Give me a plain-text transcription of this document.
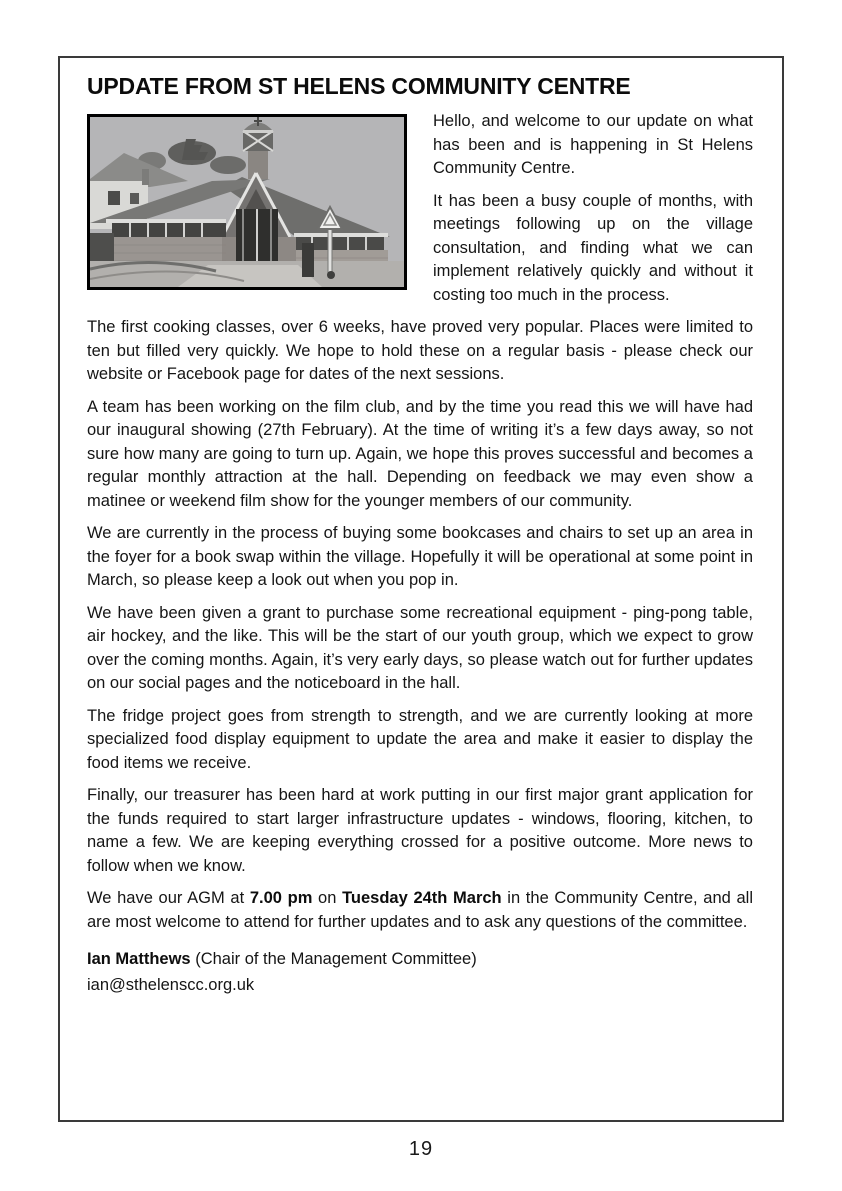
UPDATE FROM ST HELENS COMMUNITY CENTRE

Hello, and welcome to our update on what has been and is happening in St Helens Community Centre.

It has been a busy couple of months, with meetings following up on the village consultation, and finding what we can implement relatively quickly and without it costing too much in the process.

The first cooking classes, over 6 weeks, have proved very popular. Places were limited to ten but filled very quickly. We hope to hold these on a regular basis - please check our website or Facebook page for dates of the next sessions.

A team has been working on the film club, and by the time you read this we will have had our inaugural showing (27th February). At the time of writing it’s a few days away, so not sure how many are going to turn up. Again, we hope this proves successful and becomes a regular monthly attraction at the hall. Depending on feedback we may even show a matinee or weekend film show for the younger members of our community.

We are currently in the process of buying some bookcases and chairs to set up an area in the foyer for a book swap within the village. Hopefully it will be operational at some point in March, so please keep a look out when you pop in.

We have been given a grant to purchase some recreational equipment - ping-pong table, air hockey, and the like. This will be the start of our youth group, which we expect to grow over the coming months. Again, it’s very early days, so please watch out for further updates on our social pages and the noticeboard in the hall.

The fridge project goes from strength to strength, and we are currently looking at more specialized food display equipment to update the area and make it easier to display the food items we receive.

Finally, our treasurer has been hard at work putting in our first major grant application for the funds required to start larger infrastructure updates - windows, flooring, kitchen, to name a few. We are keeping everything crossed for a positive outcome. More news to follow when we know.

We have our AGM at 7.00 pm on Tuesday 24th March in the Community Centre, and all are most welcome to attend for further updates and to ask any questions of the committee.

Ian Matthews (Chair of the Management Committee)
ian@sthelenscc.org.uk
19
